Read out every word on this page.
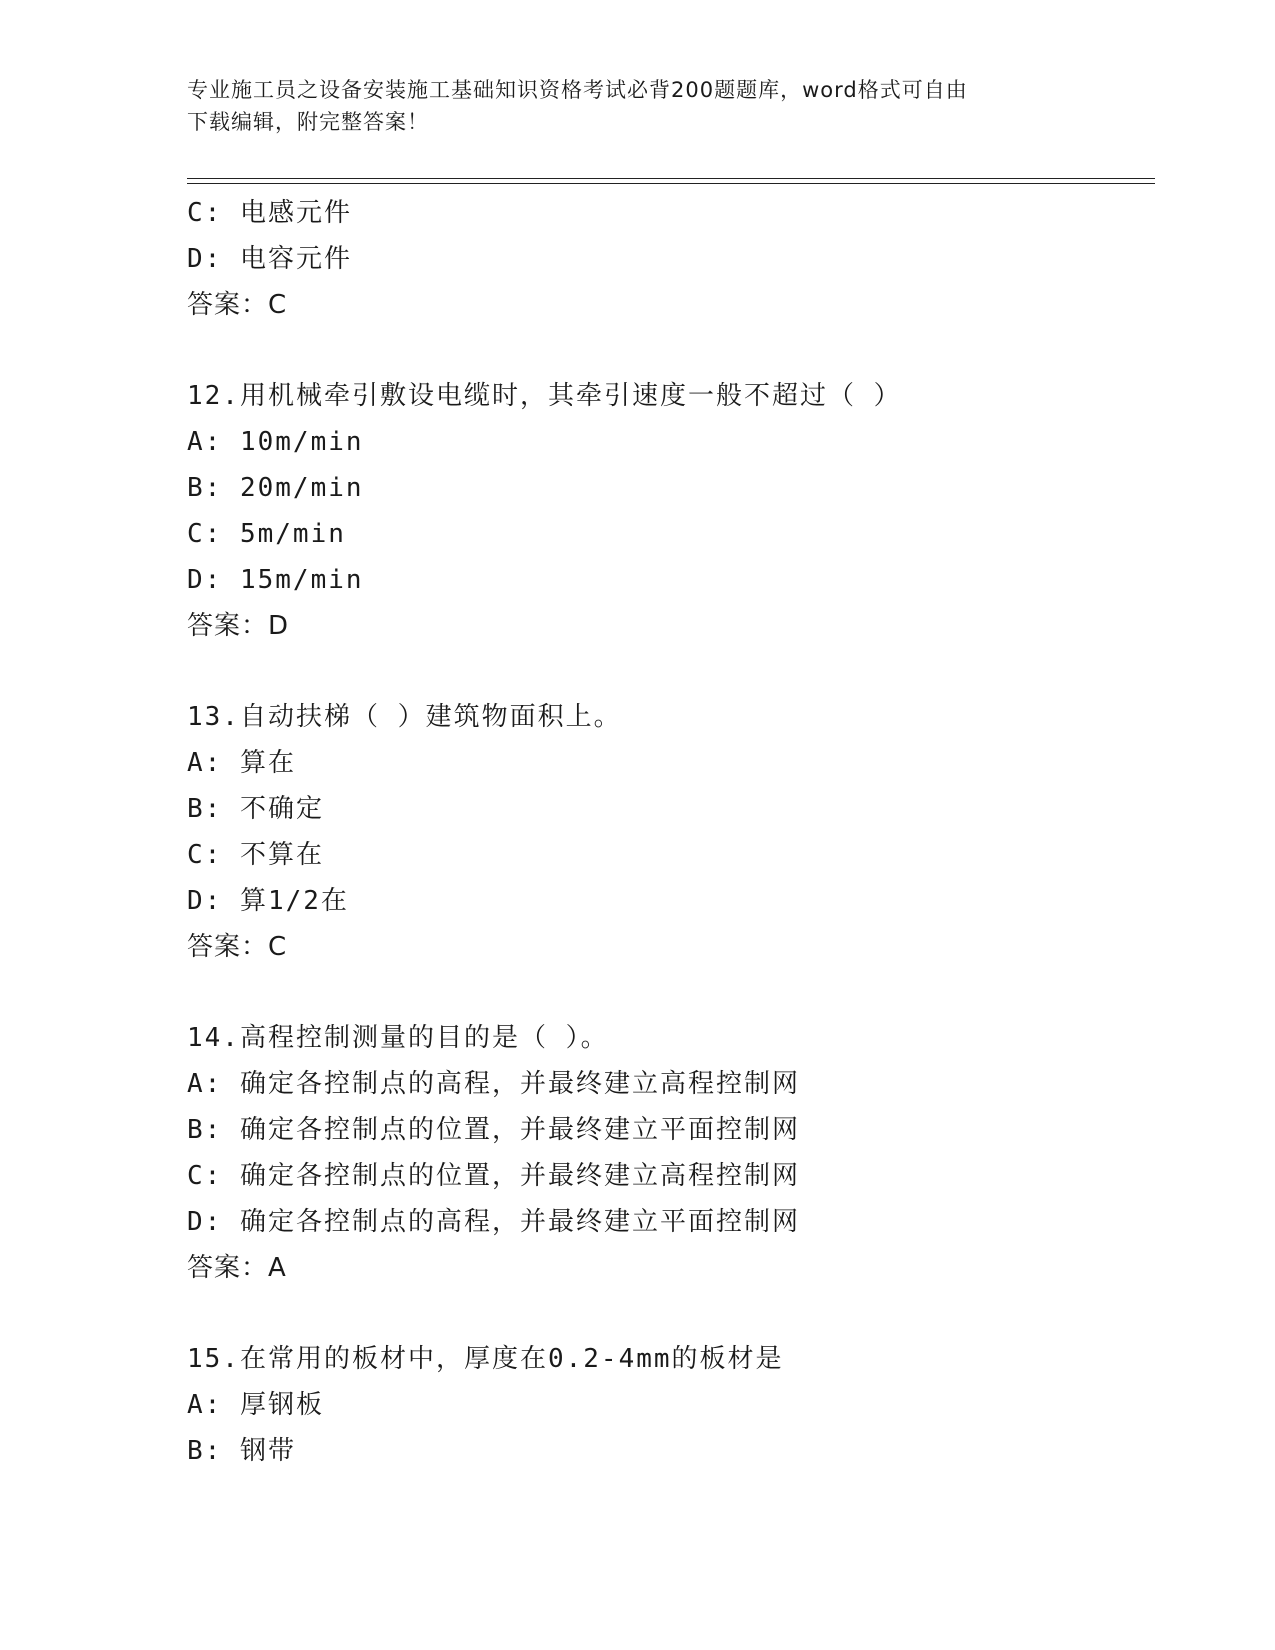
专业施工员之设备安装施工基础知识资格考试必背200题题库，word格式可自由
下载编辑，附完整答案！
C: 电感元件
D: 电容元件
答案：C
12.用机械牵引敷设电缆时，其牵引速度一般不超过（ ）
A: 10m/min
B: 20m/min
C: 5m/min
D: 15m/min
答案：D
13.自动扶梯（ ）建筑物面积上。
A: 算在
B: 不确定
C: 不算在
D: 算1/2在
答案：C
14.高程控制测量的目的是（ ）。
A: 确定各控制点的高程，并最终建立高程控制网
B: 确定各控制点的位置，并最终建立平面控制网
C: 确定各控制点的位置，并最终建立高程控制网
D: 确定各控制点的高程，并最终建立平面控制网
答案：A
15.在常用的板材中，厚度在0.2-4mm的板材是
A: 厚钢板
B: 钢带
